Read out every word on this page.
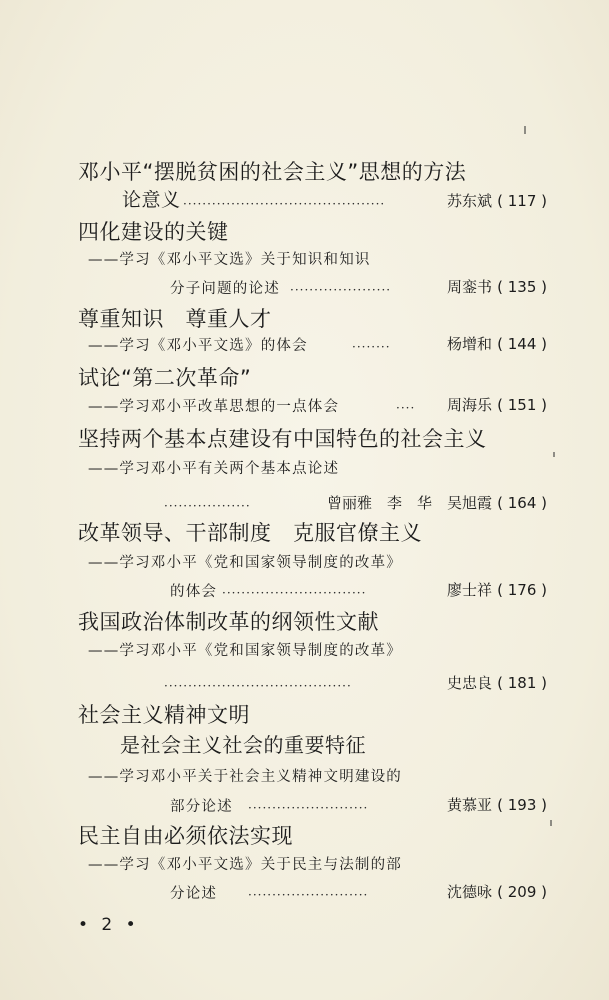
邓小平“摆脱贫困的社会主义”思想的方法
论意义 ··········································	苏东斌 ( 117 )
四化建设的关键
——学习《邓小平文选》关于知识和知识
分子问题的论述 ·····················	周銮书 ( 135 )
尊重知识　尊重人才
——学习《邓小平文选》的体会	········	杨增和 ( 144 )
试论“第二次革命”
——学习邓小平改革思想的一点体会	···· 周海乐 ( 151 )
坚持两个基本点建设有中国特色的社会主义
——学习邓小平有关两个基本点论述
··················	曾丽雅　李　华　吴旭霞 ( 164 )
改革领导、干部制度　克服官僚主义
——学习邓小平《党和国家领导制度的改革》
的体会 ······························	廖士祥 ( 176 )
我国政治体制改革的纲领性文献
——学习邓小平《党和国家领导制度的改革》
·······································	史忠良 ( 181 )
社会主义精神文明
是社会主义社会的重要特征
——学习邓小平关于社会主义精神文明建设的
部分论述 ·························	黄慕亚 ( 193 )
民主自由必须依法实现
——学习《邓小平文选》关于民主与法制的部
分论述	·························	沈德咏 ( 209 )
• 2 •
